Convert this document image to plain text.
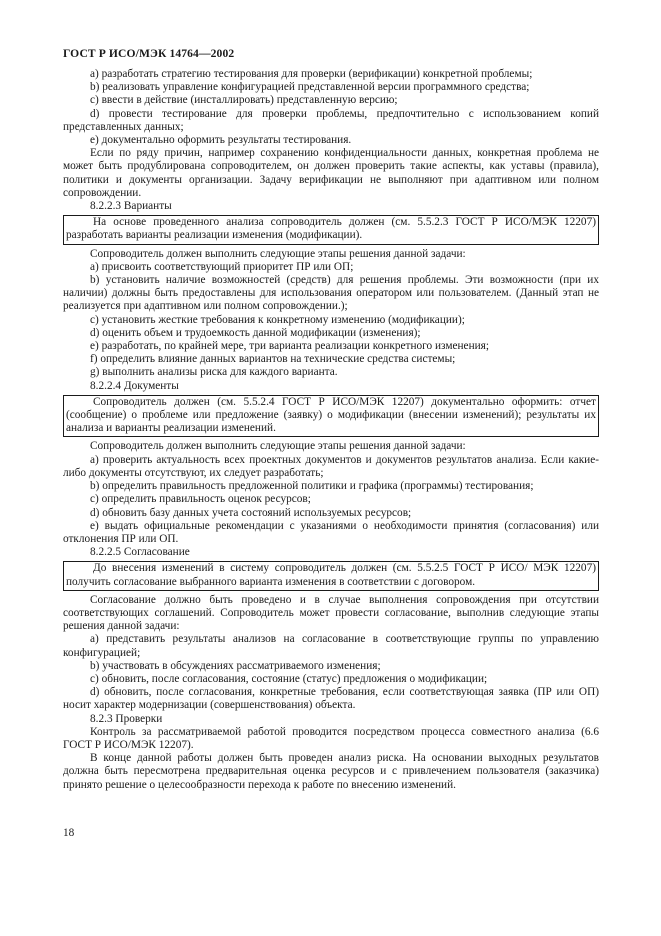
ГОСТ Р ИСО/МЭК 14764—2002

а) разработать стратегию тестирования для проверки (верификации) конкретной проблемы;

b) реализовать управление конфигурацией представленной версии программного средства;

c) ввести в действие (инсталлировать) представленную версию;

d) провести тестирование для проверки проблемы, предпочтительно с использованием копий представленных данных;

e) документально оформить результаты тестирования.

Если по ряду причин, например сохранению конфиденциальности данных, конкретная проблема не может быть продублирована сопроводителем, он должен проверить такие аспекты, как уставы (правила), политики и документы организации. Задачу верификации не выполняют при адаптивном или полном сопровождении.

8.2.2.3 Варианты

На основе проведенного анализа сопроводитель должен (см. 5.5.2.3 ГОСТ Р ИСО/МЭК 12207) разработать варианты реализации изменения (модификации).

Сопроводитель должен выполнить следующие этапы решения данной задачи:

а) присвоить соответствующий приоритет ПР или ОП;

b) установить наличие возможностей (средств) для решения проблемы. Эти возможности (при их наличии) должны быть предоставлены для использования оператором или пользователем. (Данный этап не реализуется при адаптивном или полном сопровождении.);

c) установить жесткие требования к конкретному изменению (модификации);

d) оценить объем и трудоемкость данной модификации (изменения);

e) разработать, по крайней мере, три варианта реализации конкретного изменения;

f) определить влияние данных вариантов на технические средства системы;

g) выполнить анализы риска для каждого варианта.

8.2.2.4 Документы

Сопроводитель должен (см. 5.5.2.4 ГОСТ Р ИСО/МЭК 12207) документально оформить: отчет (сообщение) о проблеме или предложение (заявку) о модификации (внесении изменений); результаты их анализа и варианты реализации изменений.

Сопроводитель должен выполнить следующие этапы решения данной задачи:

а) проверить актуальность всех проектных документов и документов результатов анализа. Если какие-либо документы отсутствуют, их следует разработать;

b) определить правильность предложенной политики и графика (программы) тестирования;

c) определить правильность оценок ресурсов;

d) обновить базу данных учета состояний используемых ресурсов;

e) выдать официальные рекомендации с указаниями о необходимости принятия (согласования) или отклонения ПР или ОП.

8.2.2.5 Согласование

До внесения изменений в систему сопроводитель должен (см. 5.5.2.5 ГОСТ Р ИСО/ МЭК 12207) получить согласование выбранного варианта изменения в соответствии с договором.

Согласование должно быть проведено и в случае выполнения сопровождения при отсутствии соответствующих соглашений. Сопроводитель может провести согласование, выполнив следующие этапы решения данной задачи:

а) представить результаты анализов на согласование в соответствующие группы по управлению конфигурацией;

b) участвовать в обсуждениях рассматриваемого изменения;

c) обновить, после согласования, состояние (статус) предложения о модификации;

d) обновить, после согласования, конкретные требования, если соответствующая заявка (ПР или ОП) носит характер модернизации (совершенствования) объекта.

8.2.3 Проверки

Контроль за рассматриваемой работой проводится посредством процесса совместного анализа (6.6 ГОСТ Р ИСО/МЭК 12207).

В конце данной работы должен быть проведен анализ риска. На основании выходных результатов должна быть пересмотрена предварительная оценка ресурсов и с привлечением пользователя (заказчика) принято решение о целесообразности перехода к работе по внесению изменений.

18
